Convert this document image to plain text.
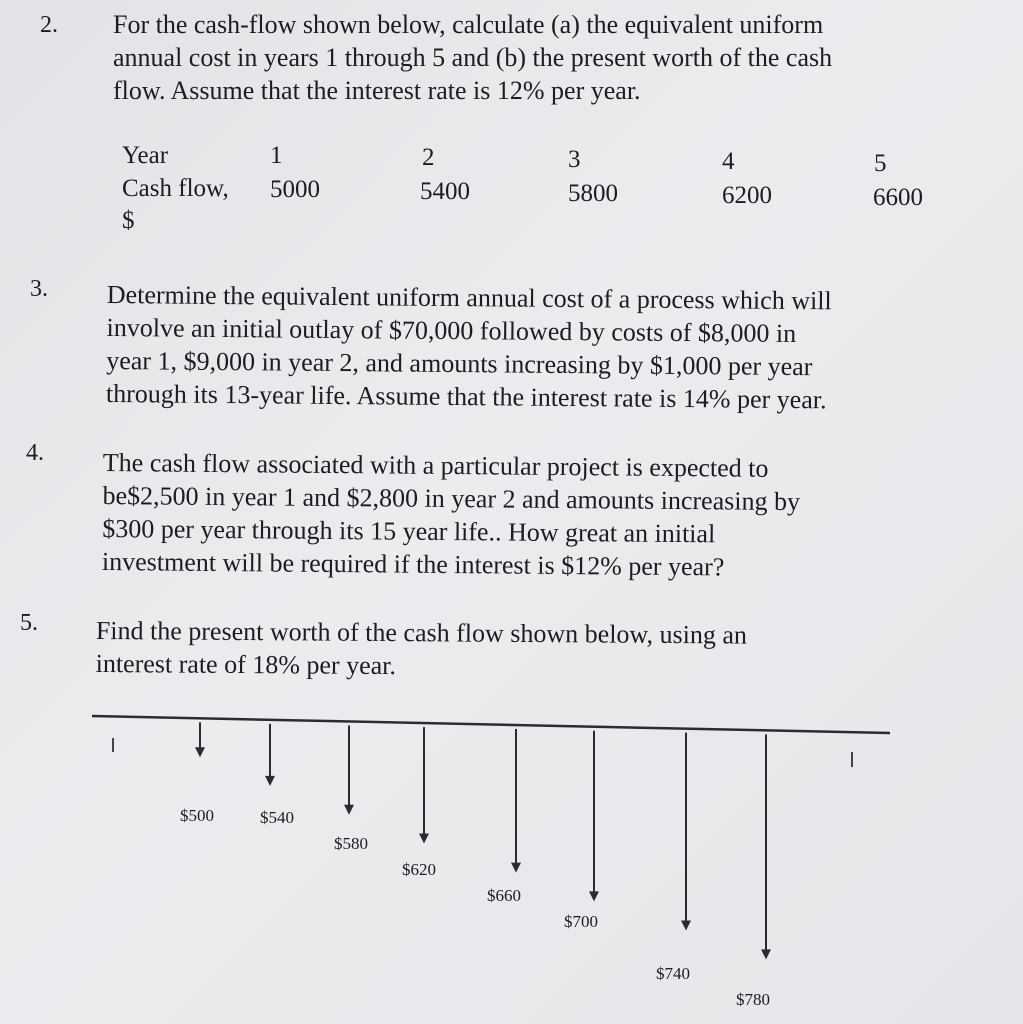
2. For the cash-flow shown below, calculate (a) the equivalent uniform
annual cost in years 1 through 5 and (b) the present worth of the cash
flow. Assume that the interest rate is 12% per year.

Year	1	2	3	4	5
Cash flow, 5000	5400	5800	6200	6600
$
3. Determine the equivalent uniform annual cost of a process which will
involve an initial outlay of $70,000 followed by costs of $8,000 in
year 1, $9,000 in year 2, and amounts increasing by $1,000 per year
through its 13-year life. Assume that the interest rate is 14% per year.

4. The cash flow associated with a particular project is expected to
be$2,500 in year 1 and $2,800 in year 2 and amounts increasing by
$300 per year through its 15 year life.. How great an initial
investment will be required if the interest is $12% per year?

5. Find the present worth of the cash flow shown below, using an
interest rate of 18% per year.

$500	$540
$580
$620
$660
$700
$740
$780
